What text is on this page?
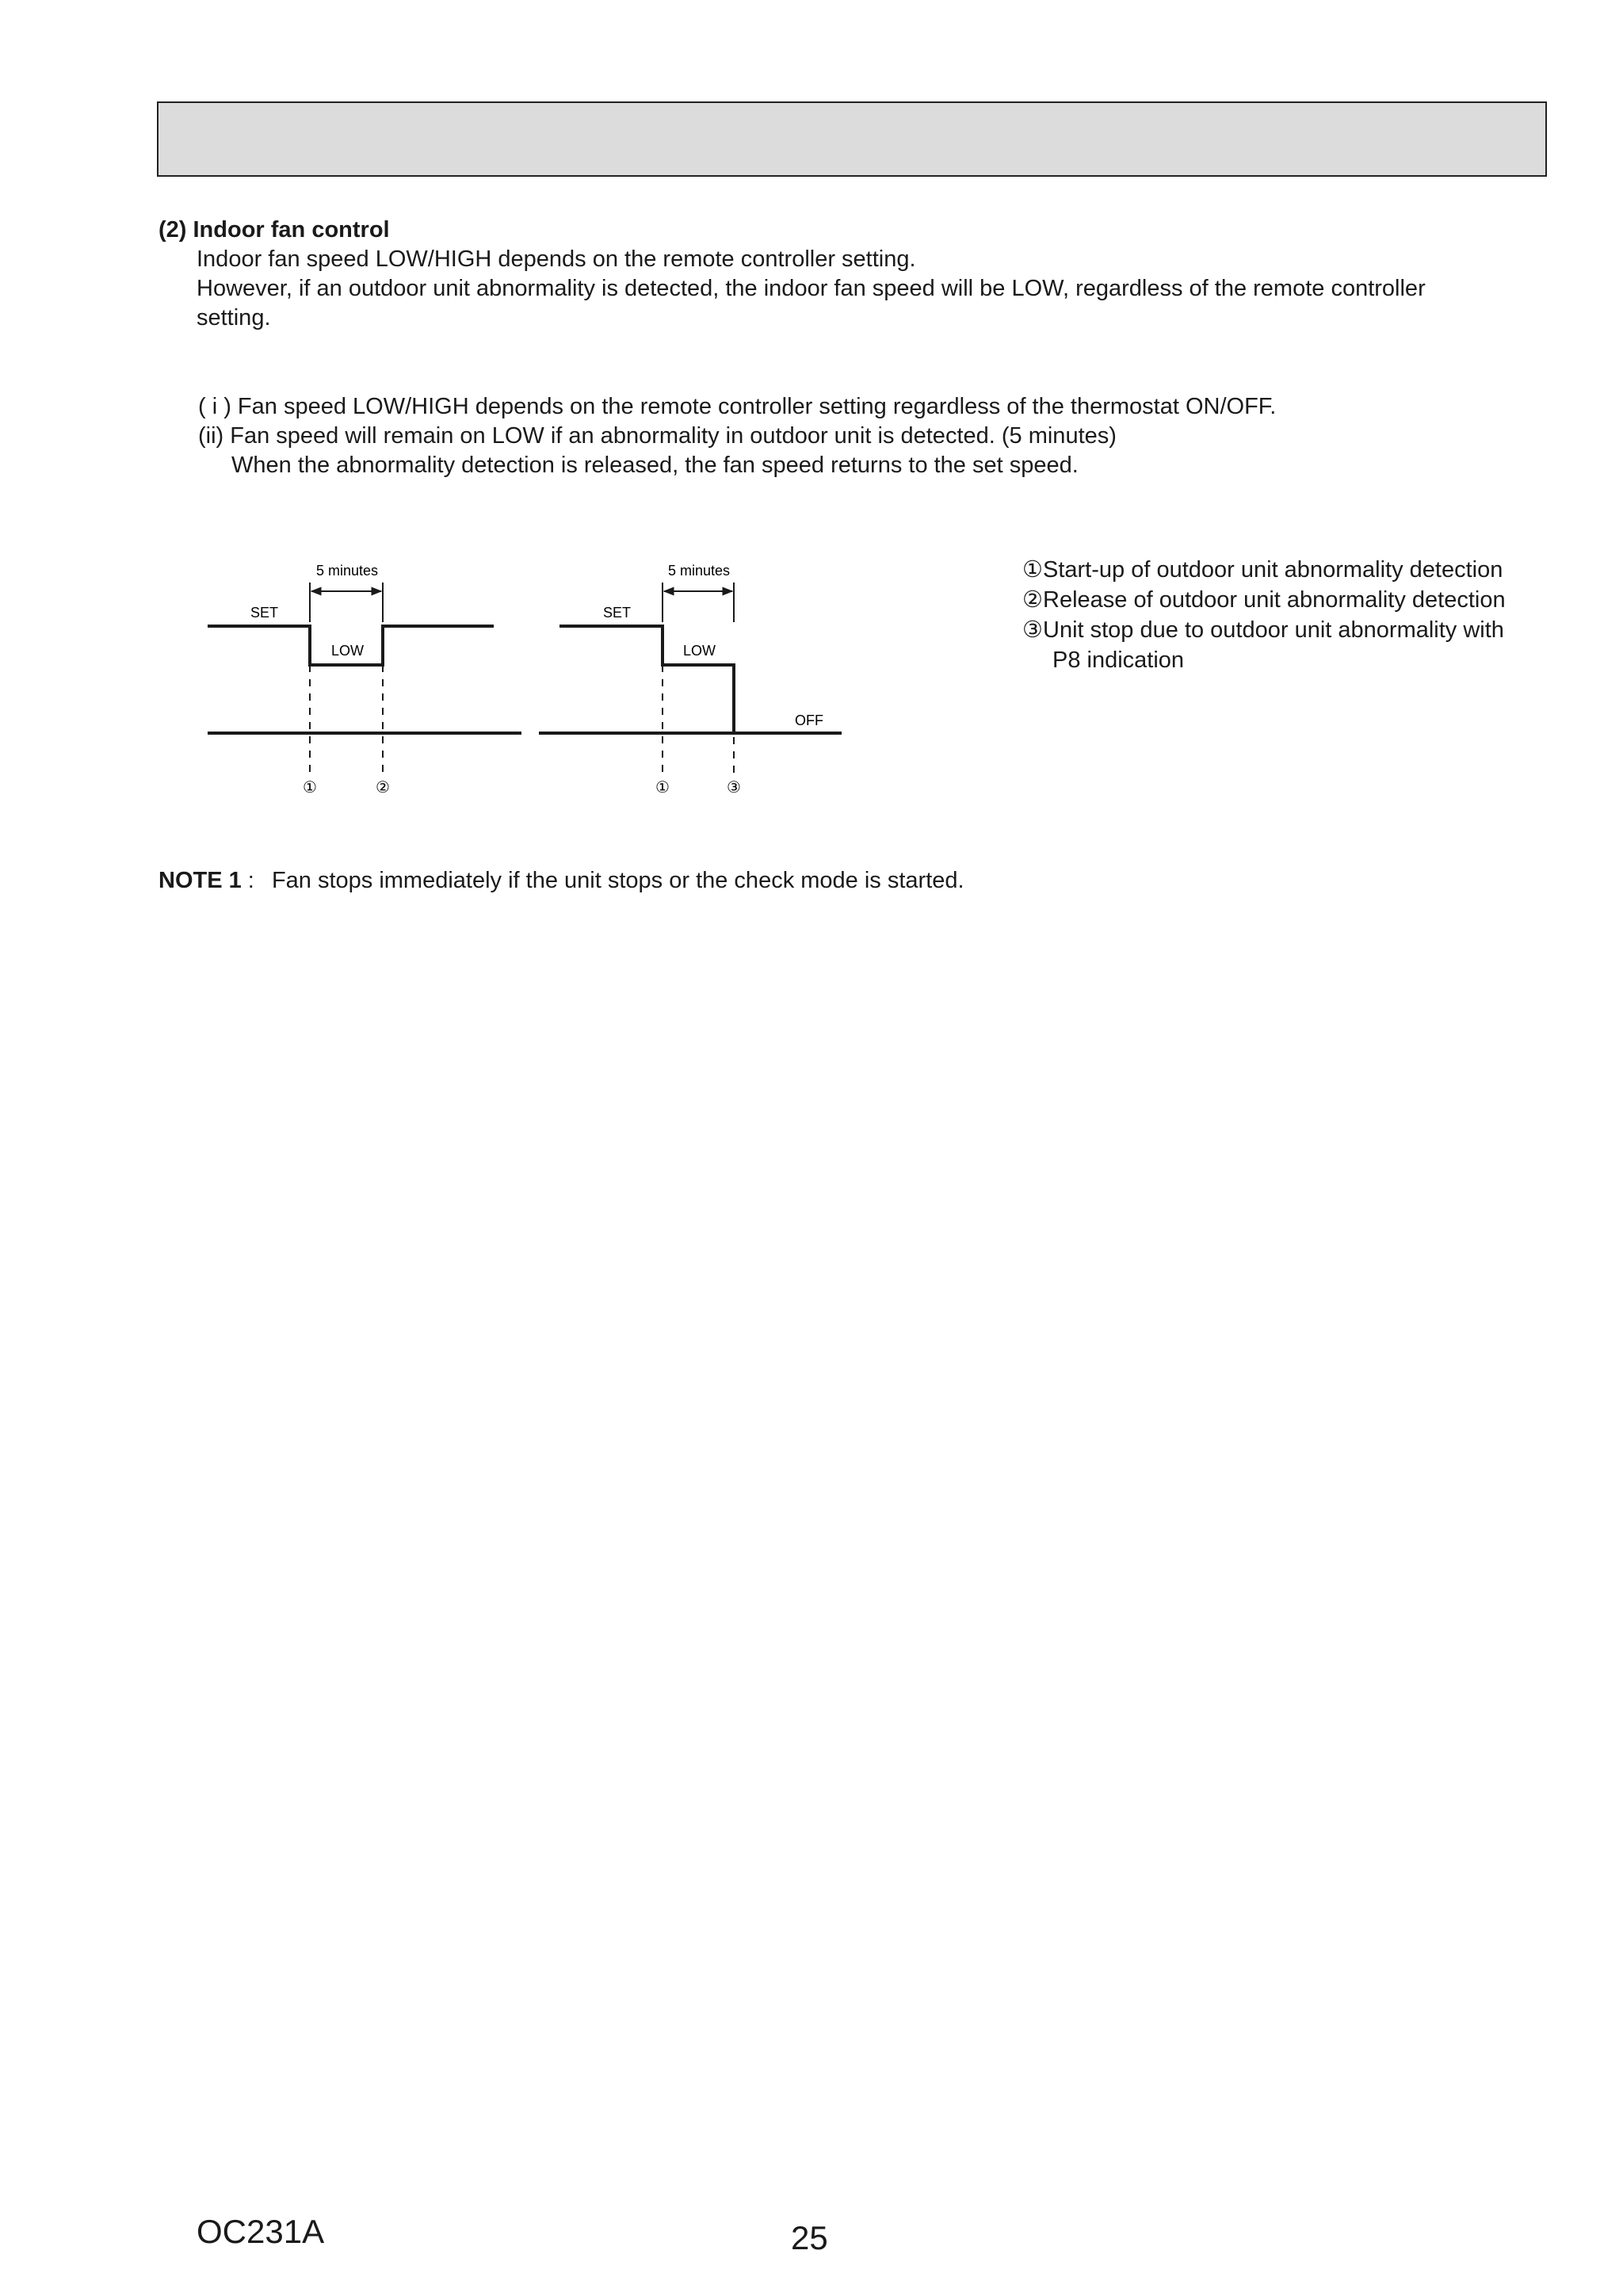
(2) Indoor fan control
Indoor fan speed LOW/HIGH depends on the remote controller setting.
However, if an outdoor unit abnormality is detected, the indoor fan speed will be LOW, regardless of the remote controller
setting.
( i ) Fan speed LOW/HIGH depends on the remote controller setting regardless of the thermostat ON/OFF.
(ii) Fan speed will remain on LOW if an abnormality in outdoor unit is detected. (5 minutes)
When the abnormality detection is released, the fan speed returns to the set speed.
5 minutes
SET
LOW
①	②
5 minutes
SET
LOW
OFF
①	③
①Start-up of outdoor unit abnormality detection
②Release of outdoor unit abnormality detection
③Unit stop due to outdoor unit abnormality with
P8 indication
NOTE 1 : Fan stops immediately if the unit stops or the check mode is started.
OC231A	25
